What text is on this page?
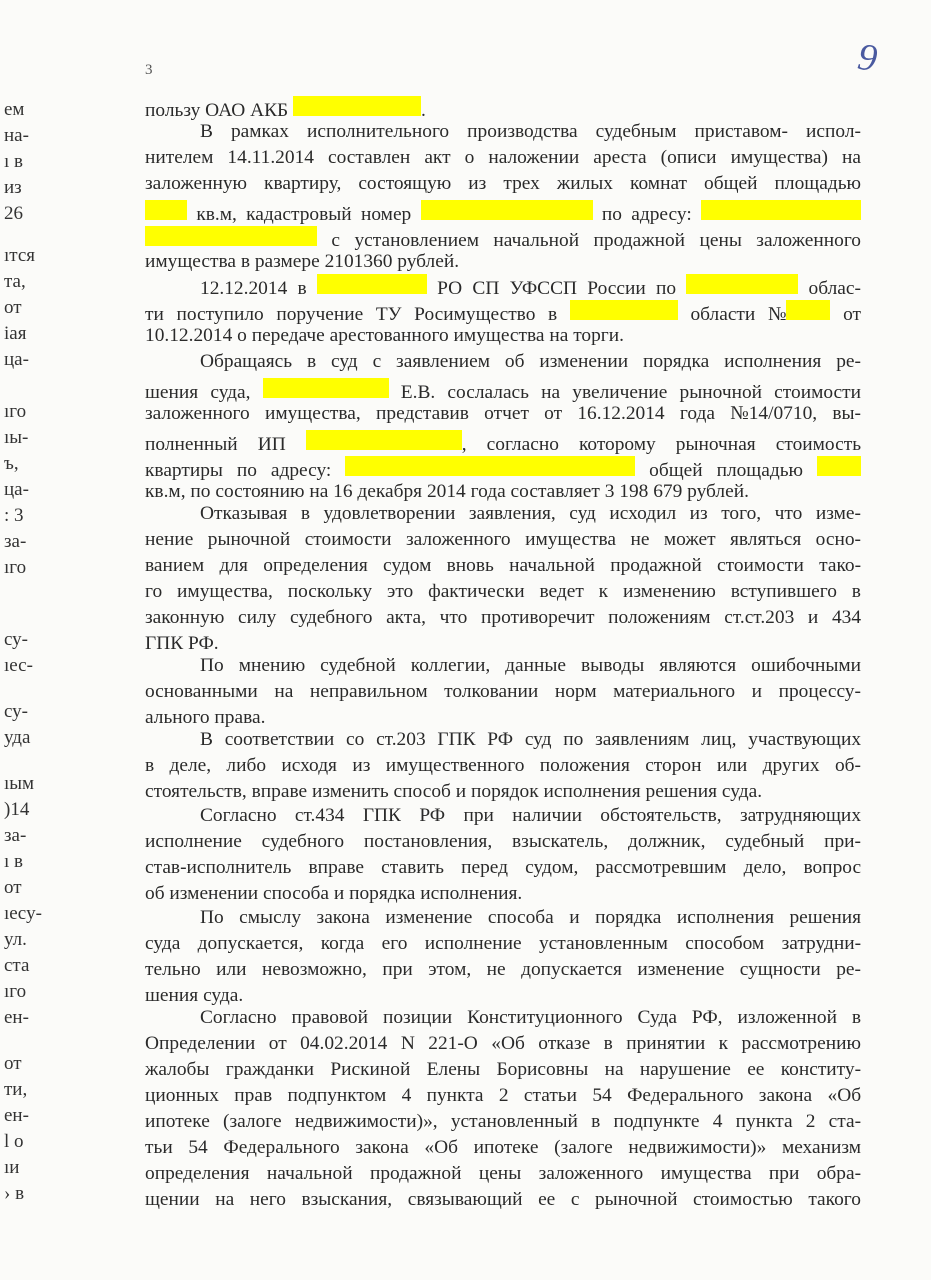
3	9
ем
на-
ı в
из
26
ıтся
та,
от
іая
ца-
ıго
ıы-
ъ,
ца-
: 3
за-
ıго
су-
ıес-
су-
уда
ıым
)14
за-
ı в
от
ıеcy-
ул.
ста
ıго
ен-
от
ти,
ен-
l o
ıи
› в
пользу
ОАО
АКБ
	.
В рамках исполнительного производства судебным приставом- испол-
нителем 14.11.2014 составлен акт о наложении ареста (описи имущества) на
заложенную квартиру, состоящую из трех жилых комнат общей площадью
кв.м, кадастровый номер	по адресу:
с установлением начальной продажной цены заложенного
имущества
в
размере
2101360
рублей.
12.12.2014 в	РО СП УФССП России по	облас-
ти поступило поручение ТУ Росимущество в	области №	от
10.12.2014
о
передаче
арестованного
имущества
на
торги.
Обращаясь в суд с заявлением об изменении порядка исполнения ре-
шения суда,	Е.В. сослалась на увеличение рыночной стоимости
заложенного имущества, представив отчет от 16.12.2014 года №14/0710, вы-
полненный ИП	, согласно которому рыночная стоимость
квартиры по адресу:	общей площадью
кв.м,
по
состоянию
на
16
декабря
2014
года
составляет
3
198
679
рублей.
Отказывая в удовлетворении заявления, суд исходил из того, что изме-
нение рыночной стоимости заложенного имущества не может являться осно-
ванием для определения судом вновь начальной продажной стоимости тако-
го имущества, поскольку это фактически ведет к изменению вступившего в
законную силу судебного акта, что противоречит положениям ст.ст.203 и 434
ГПК
РФ.
По мнению судебной коллегии, данные выводы являются ошибочными
основанными на неправильном толковании норм материального и процессу-
ального
права.
В соответствии со ст.203 ГПК РФ суд по заявлениям лиц, участвующих
в деле, либо исходя из имущественного положения сторон или других об-
стоятельств,
вправе
изменить
способ
и
порядок
исполнения
решения
суда.
Согласно ст.434 ГПК РФ при наличии обстоятельств, затрудняющих
исполнение судебного постановления, взыскатель, должник, судебный при-
став-исполнитель вправе ставить перед судом, рассмотревшим дело, вопрос
об
изменении
способа
и
порядка
исполнения.
По смыслу закона изменение способа и порядка исполнения решения
суда допускается, когда его исполнение установленным способом затрудни-
тельно или невозможно, при этом, не допускается изменение сущности ре-
шения
суда.
Согласно правовой позиции Конституционного Суда РФ, изложенной в
Определении от 04.02.2014 N 221-О «Об отказе в принятии к рассмотрению
жалобы гражданки Рискиной Елены Борисовны на нарушение ее конститу-
ционных прав подпунктом 4 пункта 2 статьи 54 Федерального закона «Об
ипотеке (залоге недвижимости)», установленный в подпункте 4 пункта 2 ста-
тьи 54 Федерального закона «Об ипотеке (залоге недвижимости)» механизм
определения начальной продажной цены заложенного имущества при обра-
щении на него взыскания, связывающий ее с рыночной стоимостью такого
